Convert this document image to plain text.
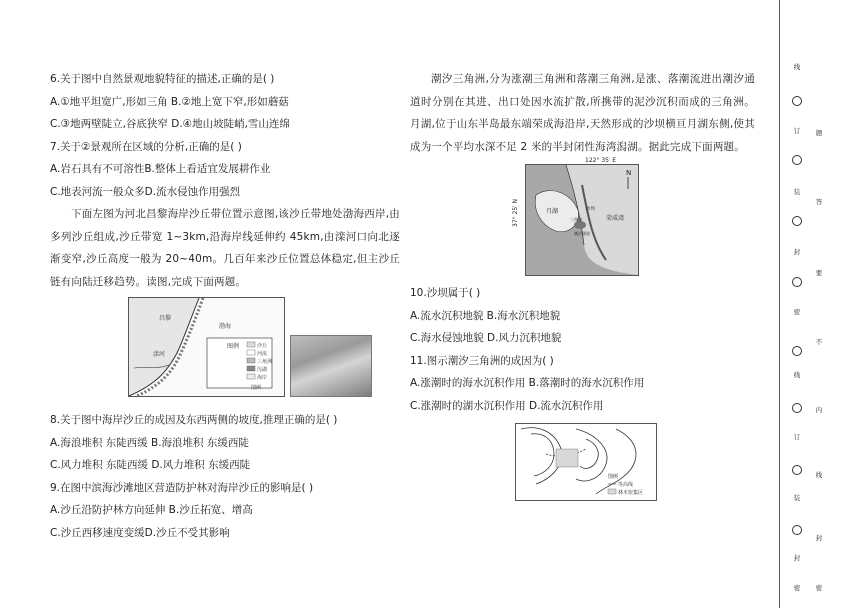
6.关于图中自然景观地貌特征的描述,正确的是( )

A.①地平坦宽广,形如三角 B.②地上宽下窄,形如蘑菇

C.③地两壁陡立,谷底狭窄 D.④地山坡陡峭,雪山连绵

7.关于②景观所在区域的分析,正确的是( )

A.岩石具有不可溶性B.整体上看适宜发展耕作业

C.地表河流一般众多D.流水侵蚀作用强烈

下面左图为河北昌黎海岸沙丘带位置示意图,该沙丘带地处渤海西岸,由多列沙丘组成,沙丘带宽 1~3km,沿海岸线延伸约 45km,由滦河口向北逐渐变窄,沙丘高度一般为 20~40m。几百年来沙丘位置总体稳定,但主沙丘链有向陆迁移趋势。读图,完成下面两题。

图例	沙丘
河流
三角洲
泻湖
海岸
滦河
昌黎
渤海
图例

8.关于图中海岸沙丘的成因及东西两侧的坡度,推理正确的是( )

A.海浪堆积 东陡西缓 B.海浪堆积 东缓西陡

C.风力堆积 东陡西缓 D.风力堆积 东缓西陡

9.在图中滨海沙滩地区营造防护林对海岸沙丘的影响是( )

A.沙丘沿防护林方向延伸 B.沙丘拓宽、增高

C.沙丘西移速度变缓D.沙丘不受其影响

潮汐三角洲,分为涨潮三角洲和落潮三角洲,是涨、落潮流进出潮汐通道时分别在其进、出口处因水流扩散,所携带的泥沙沉积而成的三角洲。月湖,位于山东半岛最东端荣成海沿岸,天然形成的沙坝横亘月湖东侧,使其成为一个平均水深不足 2 米的半封闭性海湾潟湖。据此完成下面两题。

月湖
荣成湾
沙坝
三角洲
潮汐通道
N
122° 35′ E
37° 25′ N

10.沙坝属于( )

A.流水沉积地貌 B.海水沉积地貌

C.海水侵蚀地貌 D.风力沉积地貌

11.图示潮汐三角洲的成因为( )

A.涨潮时的海水沉积作用 B.落潮时的海水沉积作用

C.涨潮时的湖水沉积作用 D.流水沉积作用

图例
等高线
林木密集区
线
订
装
封
密
线
订
装
封
密
题
答
要
不
内
线
封
密
